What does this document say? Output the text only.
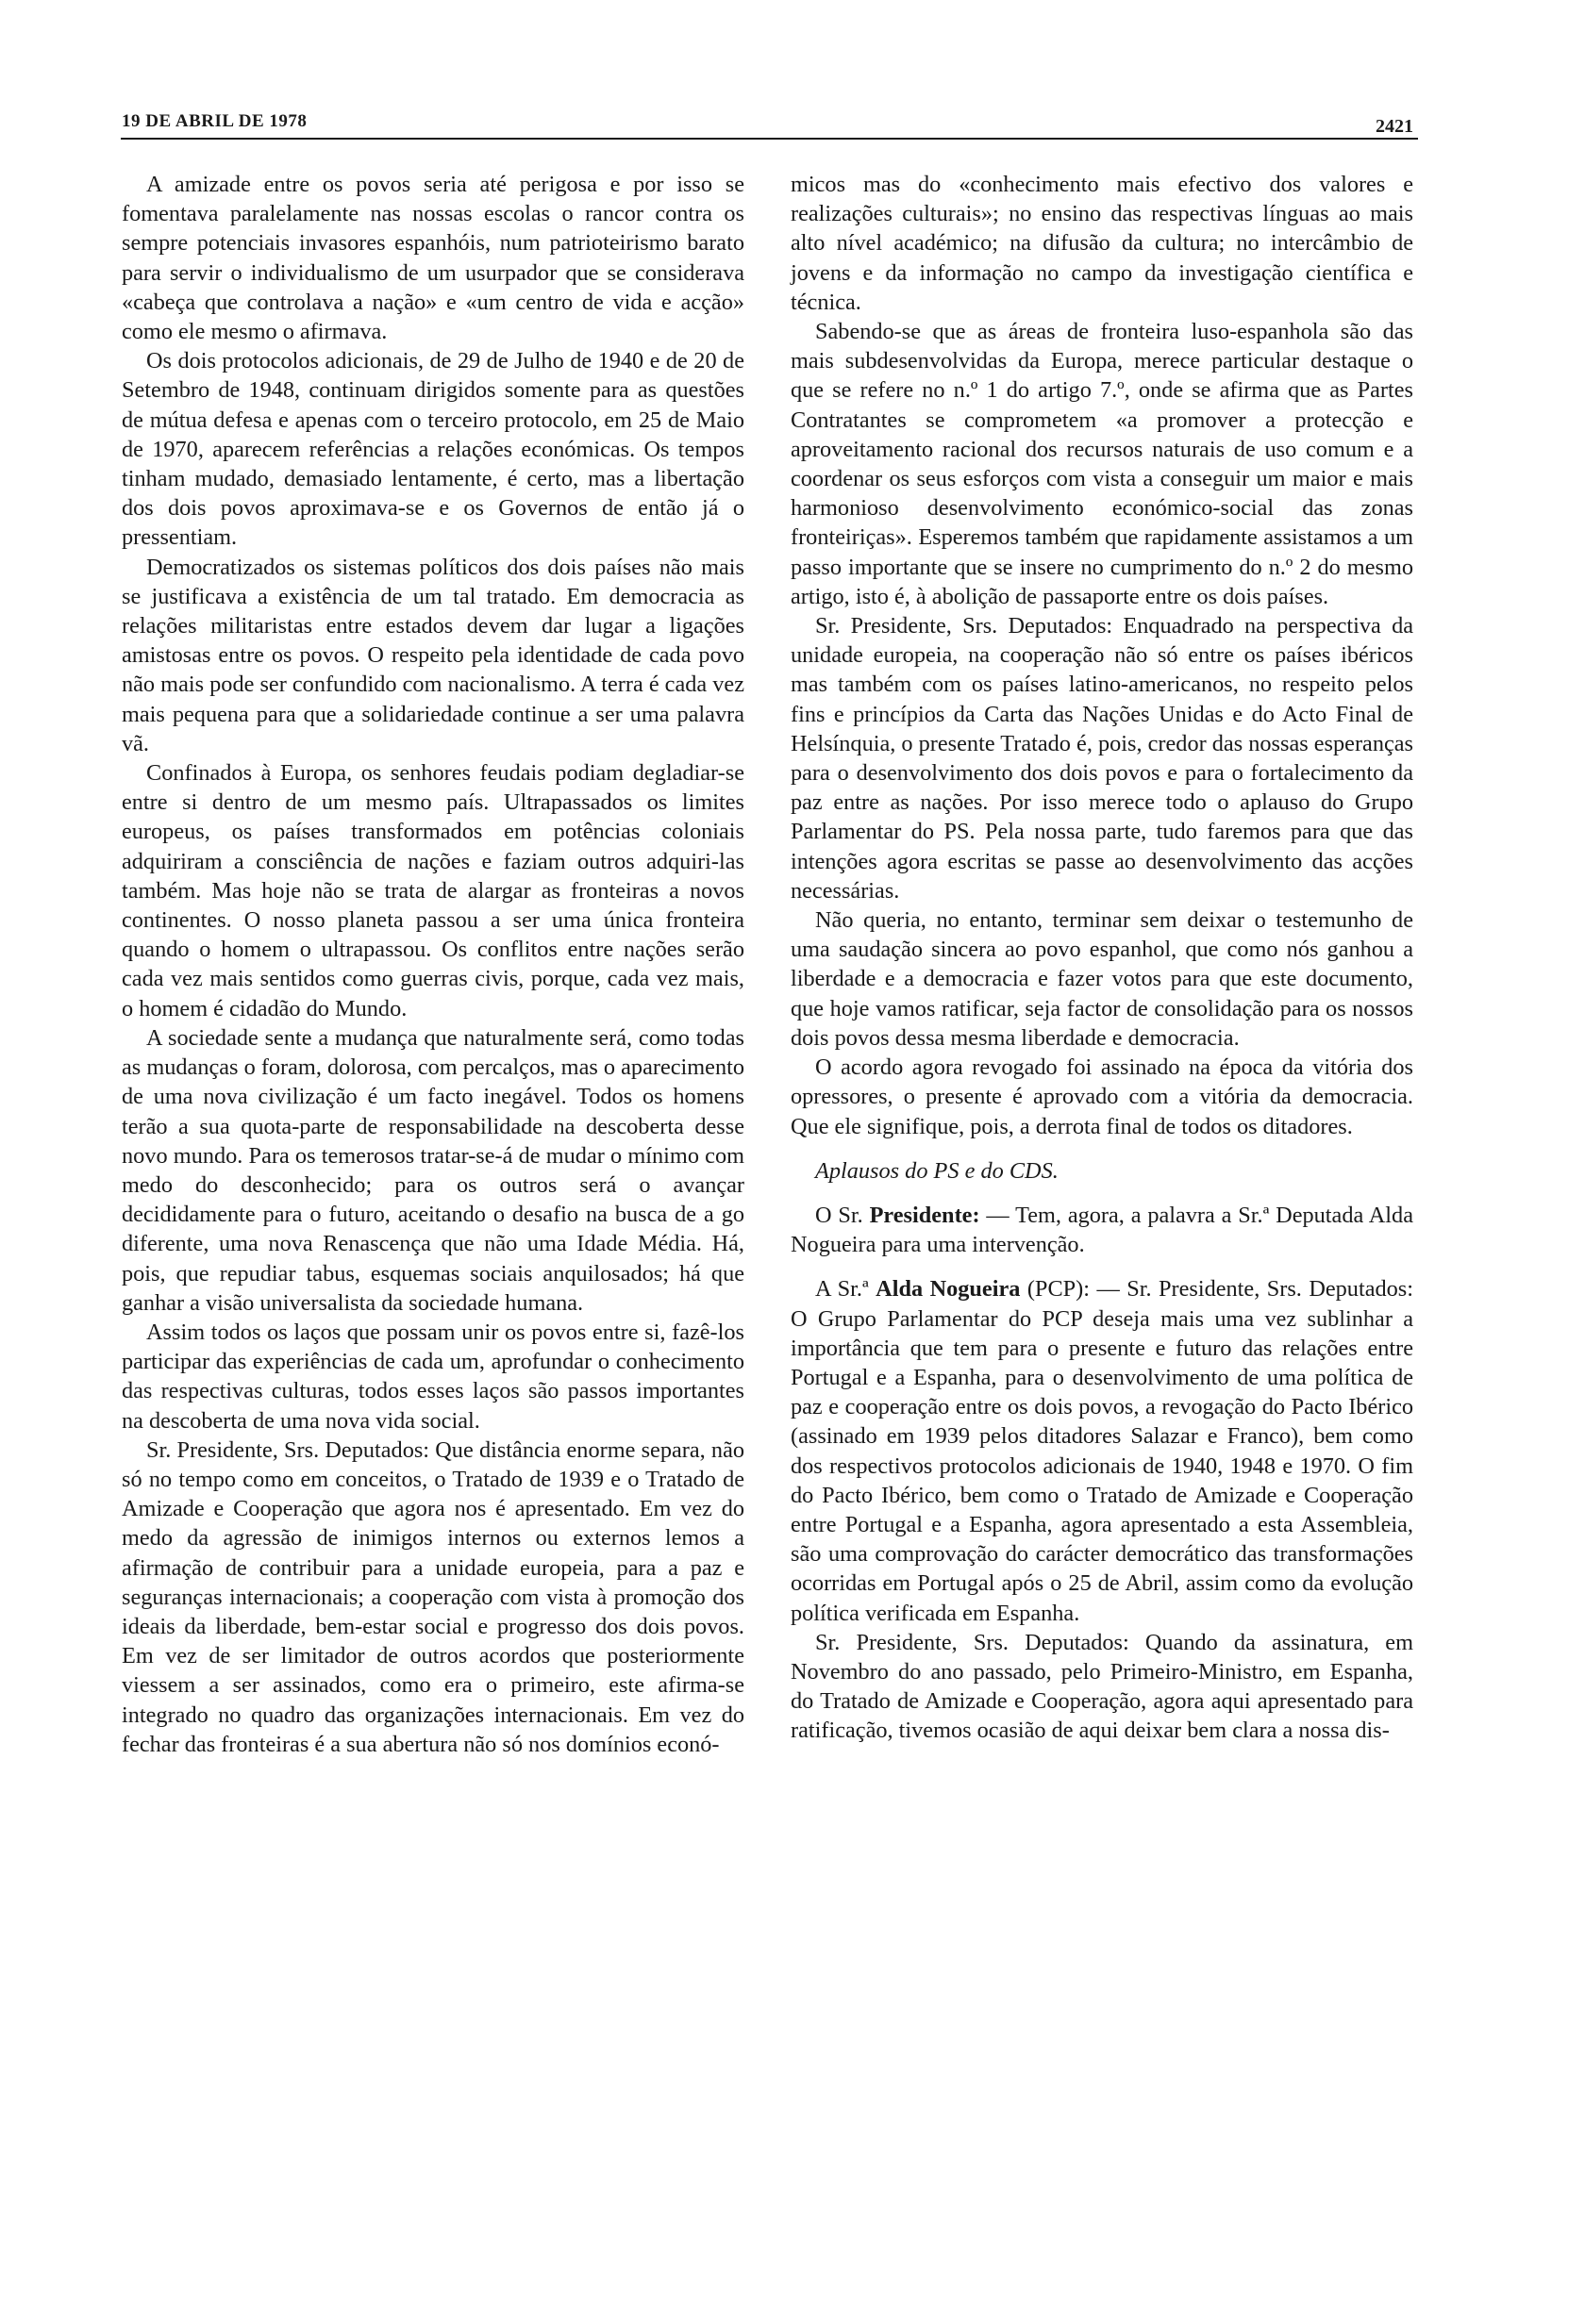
19 DE ABRIL DE 1978	2421

A amizade entre os povos seria até perigosa e por isso se fomentava paralelamente nas nossas escolas o rancor contra os sempre potenciais invasores espanhóis, num patrioteirismo barato para servir o individualismo de um usurpador que se considerava «cabeça que controlava a nação» e «um centro de vida e acção» como ele mesmo o afirmava.

Os dois protocolos adicionais, de 29 de Julho de 1940 e de 20 de Setembro de 1948, continuam dirigidos somente para as questões de mútua defesa e apenas com o terceiro protocolo, em 25 de Maio de 1970, aparecem referências a relações económicas. Os tempos tinham mudado, demasiado lentamente, é certo, mas a libertação dos dois povos aproximava-se e os Governos de então já o pressentiam.

Democratizados os sistemas políticos dos dois países não mais se justificava a existência de um tal tratado. Em democracia as relações militaristas entre estados devem dar lugar a ligações amistosas entre os povos. O respeito pela identidade de cada povo não mais pode ser confundido com nacionalismo. A terra é cada vez mais pequena para que a solidariedade continue a ser uma palavra vã.

Confinados à Europa, os senhores feudais podiam degladiar-se entre si dentro de um mesmo país. Ultrapassados os limites europeus, os países transformados em potências coloniais adquiriram a consciência de nações e faziam outros adquiri-las também. Mas hoje não se trata de alargar as fronteiras a novos continentes. O nosso planeta passou a ser uma única fronteira quando o homem o ultrapassou. Os conflitos entre nações serão cada vez mais sentidos como guerras civis, porque, cada vez mais, o homem é cidadão do Mundo.

A sociedade sente a mudança que naturalmente será, como todas as mudanças o foram, dolorosa, com percalços, mas o aparecimento de uma nova civilização é um facto inegável. Todos os homens terão a sua quota-parte de responsabilidade na descoberta desse novo mundo. Para os temerosos tratar-se-á de mudar o mínimo com medo do desconhecido; para os outros será o avançar decididamente para o futuro, aceitando o desafio na busca de a go diferente, uma nova Renascença que não uma Idade Média. Há, pois, que repudiar tabus, esquemas sociais anquilosados; há que ganhar a visão universalista da sociedade humana.

Assim todos os laços que possam unir os povos entre si, fazê-los participar das experiências de cada um, aprofundar o conhecimento das respectivas culturas, todos esses laços são passos importantes na descoberta de uma nova vida social.

Sr. Presidente, Srs. Deputados: Que distância enorme separa, não só no tempo como em conceitos, o Tratado de 1939 e o Tratado de Amizade e Cooperação que agora nos é apresentado. Em vez do medo da agressão de inimigos internos ou externos lemos a afirmação de contribuir para a unidade europeia, para a paz e seguranças internacionais; a cooperação com vista à promoção dos ideais da liberdade, bem-estar social e progresso dos dois povos. Em vez de ser limitador de outros acordos que posteriormente viessem a ser assinados, como era o primeiro, este afirma-se integrado no quadro das organizações internacionais. Em vez do fechar das fronteiras é a sua abertura não só nos domínios econó-

micos mas do «conhecimento mais efectivo dos valores e realizações culturais»; no ensino das respectivas línguas ao mais alto nível académico; na difusão da cultura; no intercâmbio de jovens e da informação no campo da investigação científica e técnica.

Sabendo-se que as áreas de fronteira luso-espanhola são das mais subdesenvolvidas da Europa, merece particular destaque o que se refere no n.º 1 do artigo 7.º, onde se afirma que as Partes Contratantes se comprometem «a promover a protecção e aproveitamento racional dos recursos naturais de uso comum e a coordenar os seus esforços com vista a conseguir um maior e mais harmonioso desenvolvimento económico-social das zonas fronteiriças». Esperemos também que rapidamente assistamos a um passo importante que se insere no cumprimento do n.º 2 do mesmo artigo, isto é, à abolição de passaporte entre os dois países.

Sr. Presidente, Srs. Deputados: Enquadrado na perspectiva da unidade europeia, na cooperação não só entre os países ibéricos mas também com os países latino-americanos, no respeito pelos fins e princípios da Carta das Nações Unidas e do Acto Final de Helsínquia, o presente Tratado é, pois, credor das nossas esperanças para o desenvolvimento dos dois povos e para o fortalecimento da paz entre as nações. Por isso merece todo o aplauso do Grupo Parlamentar do PS. Pela nossa parte, tudo faremos para que das intenções agora escritas se passe ao desenvolvimento das acções necessárias.

Não queria, no entanto, terminar sem deixar o testemunho de uma saudação sincera ao povo espanhol, que como nós ganhou a liberdade e a democracia e fazer votos para que este documento, que hoje vamos ratificar, seja factor de consolidação para os nossos dois povos dessa mesma liberdade e democracia.

O acordo agora revogado foi assinado na época da vitória dos opressores, o presente é aprovado com a vitória da democracia. Que ele signifique, pois, a derrota final de todos os ditadores.

Aplausos do PS e do CDS.

O Sr. Presidente: — Tem, agora, a palavra a Sr.ª Deputada Alda Nogueira para uma intervenção.

A Sr.ª Alda Nogueira (PCP): — Sr. Presidente, Srs. Deputados: O Grupo Parlamentar do PCP deseja mais uma vez sublinhar a importância que tem para o presente e futuro das relações entre Portugal e a Espanha, para o desenvolvimento de uma política de paz e cooperação entre os dois povos, a revogação do Pacto Ibérico (assinado em 1939 pelos ditadores Salazar e Franco), bem como dos respectivos protocolos adicionais de 1940, 1948 e 1970. O fim do Pacto Ibérico, bem como o Tratado de Amizade e Cooperação entre Portugal e a Espanha, agora apresentado a esta Assembleia, são uma comprovação do carácter democrático das transformações ocorridas em Portugal após o 25 de Abril, assim como da evolução política verificada em Espanha.

Sr. Presidente, Srs. Deputados: Quando da assinatura, em Novembro do ano passado, pelo Primeiro-Ministro, em Espanha, do Tratado de Amizade e Cooperação, agora aqui apresentado para ratificação, tivemos ocasião de aqui deixar bem clara a nossa dis-
